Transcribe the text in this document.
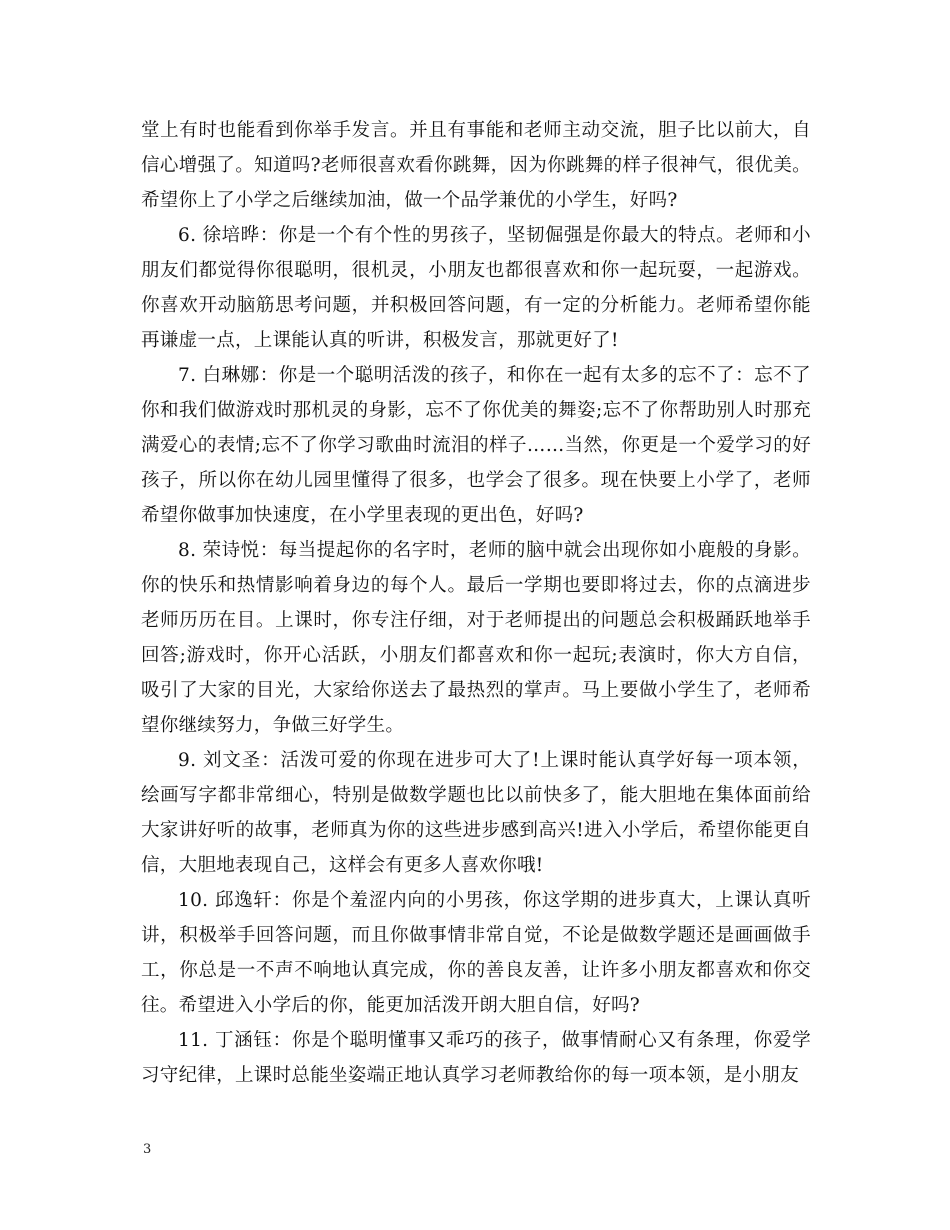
堂上有时也能看到你举手发言。并且有事能和老师主动交流，胆子比以前大，自信心增强了。知道吗?老师很喜欢看你跳舞，因为你跳舞的样子很神气，很优美。希望你上了小学之后继续加油，做一个品学兼优的小学生，好吗?

6. 徐培晔：你是一个有个性的男孩子，坚韧倔强是你最大的特点。老师和小朋友们都觉得你很聪明，很机灵，小朋友也都很喜欢和你一起玩耍，一起游戏。你喜欢开动脑筋思考问题，并积极回答问题，有一定的分析能力。老师希望你能再谦虚一点，上课能认真的听讲，积极发言，那就更好了!

7. 白琳娜：你是一个聪明活泼的孩子，和你在一起有太多的忘不了：忘不了你和我们做游戏时那机灵的身影，忘不了你优美的舞姿;忘不了你帮助别人时那充满爱心的表情;忘不了你学习歌曲时流泪的样子……当然，你更是一个爱学习的好孩子，所以你在幼儿园里懂得了很多，也学会了很多。现在快要上小学了，老师希望你做事加快速度，在小学里表现的更出色，好吗?

8. 荣诗悦：每当提起你的名字时，老师的脑中就会出现你如小鹿般的身影。你的快乐和热情影响着身边的每个人。最后一学期也要即将过去，你的点滴进步老师历历在目。上课时，你专注仔细，对于老师提出的问题总会积极踊跃地举手回答;游戏时，你开心活跃，小朋友们都喜欢和你一起玩;表演时，你大方自信，吸引了大家的目光，大家给你送去了最热烈的掌声。马上要做小学生了，老师希望你继续努力，争做三好学生。

9. 刘文圣：活泼可爱的你现在进步可大了!上课时能认真学好每一项本领，绘画写字都非常细心，特别是做数学题也比以前快多了，能大胆地在集体面前给大家讲好听的故事，老师真为你的这些进步感到高兴!进入小学后，希望你能更自信，大胆地表现自己，这样会有更多人喜欢你哦!

10. 邱逸轩：你是个羞涩内向的小男孩，你这学期的进步真大，上课认真听讲，积极举手回答问题，而且你做事情非常自觉，不论是做数学题还是画画做手工，你总是一不声不响地认真完成，你的善良友善，让许多小朋友都喜欢和你交往。希望进入小学后的你，能更加活泼开朗大胆自信，好吗?

11. 丁涵钰：你是个聪明懂事又乖巧的孩子，做事情耐心又有条理，你爱学习守纪律，上课时总能坐姿端正地认真学习老师教给你的每一项本领，是小朋友

3
